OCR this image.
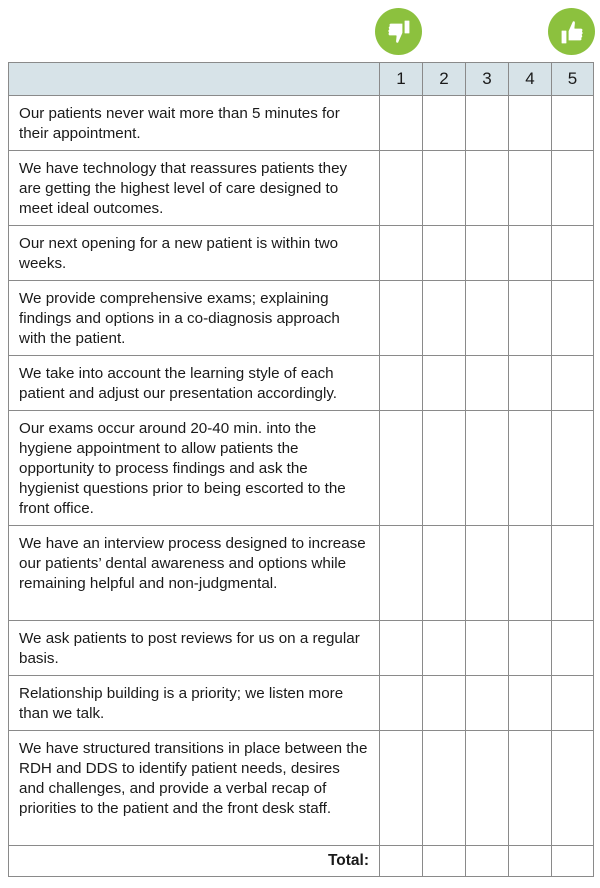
	1	2	3	4	5
Our patients never wait more than 5 minutes for their appointment.					
We have technology that reassures patients they are getting the highest level of care designed to meet ideal outcomes.					
Our next opening for a new patient is within two weeks.					
We provide comprehensive exams; explaining findings and options in a co-diagnosis approach with the patient.					
We take into account the learning style of each patient and adjust our presentation accordingly.					
Our exams occur around 20-40 min. into the hygiene appointment to allow patients the opportunity to process findings and ask the hygienist questions prior to being escorted to the front office.					
We have an interview process designed to increase our patients’ dental awareness and options while remaining helpful and non-judgmental.					
We ask patients to post reviews for us on a regular basis.					
Relationship building is a priority; we listen more than we talk.					
We have structured transitions in place between the RDH and DDS to identify patient needs, desires and challenges, and provide a verbal recap of priorities to the patient and the front desk staff.					
Total:					
